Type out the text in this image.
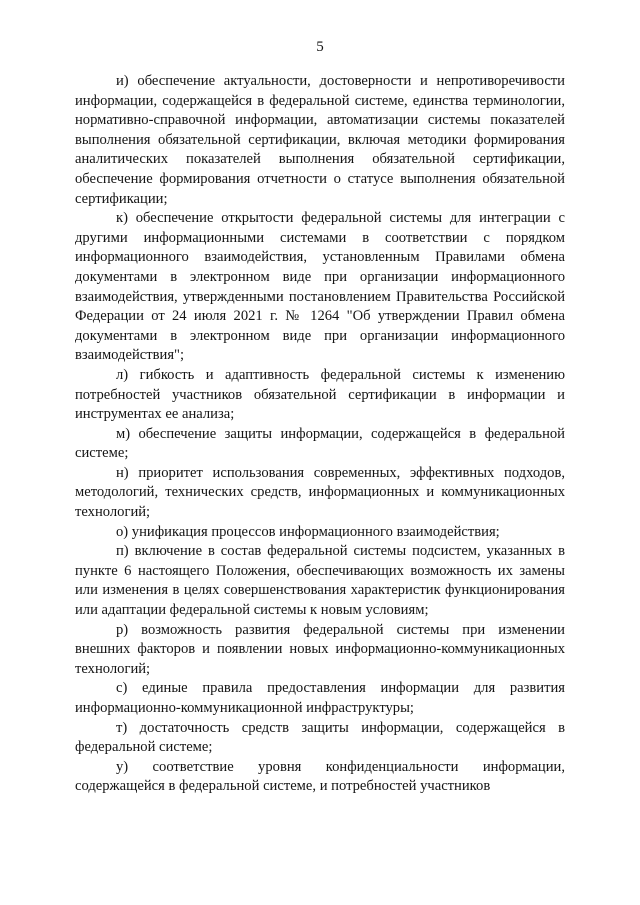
5

и) обеспечение актуальности, достоверности и непротиворечивости информации, содержащейся в федеральной системе, единства терминологии, нормативно-справочной информации, автоматизации системы показателей выполнения обязательной сертификации, включая методики формирования аналитических показателей выполнения обязательной сертификации, обеспечение формирования отчетности о статусе выполнения обязательной сертификации;

к) обеспечение открытости федеральной системы для интеграции с другими информационными системами в соответствии с порядком информационного взаимодействия, установленным Правилами обмена документами в электронном виде при организации информационного взаимодействия, утвержденными постановлением Правительства Российской Федерации от 24 июля 2021 г. № 1264 "Об утверждении Правил обмена документами в электронном виде при организации информационного взаимодействия";

л) гибкость и адаптивность федеральной системы к изменению потребностей участников обязательной сертификации в информации и инструментах ее анализа;

м) обеспечение защиты информации, содержащейся в федеральной системе;

н) приоритет использования современных, эффективных подходов, методологий, технических средств, информационных и коммуникационных технологий;

о) унификация процессов информационного взаимодействия;

п) включение в состав федеральной системы подсистем, указанных в пункте 6 настоящего Положения, обеспечивающих возможность их замены или изменения в целях совершенствования характеристик функционирования или адаптации федеральной системы к новым условиям;

р) возможность развития федеральной системы при изменении внешних факторов и появлении новых информационно-коммуникационных технологий;

с) единые правила предоставления информации для развития информационно-коммуникационной инфраструктуры;

т) достаточность средств защиты информации, содержащейся в федеральной системе;

у) соответствие уровня конфиденциальности информации, содержащейся в федеральной системе, и потребностей участников
